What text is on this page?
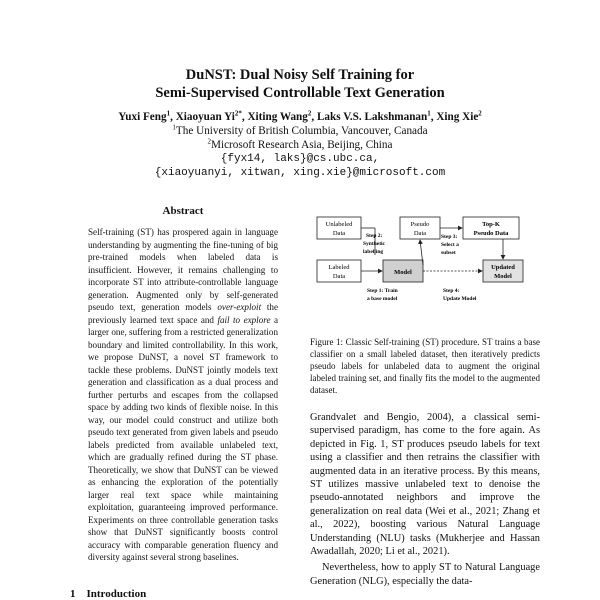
DuNST: Dual Noisy Self Training for
Semi-Supervised Controllable Text Generation
Yuxi Feng$^1$, Xiaoyuan $Yi^{2*}$, Xiting Wang$^2$, Laks V.S. Lakshmanan$^1$, Xing Xie$^2$
$^1$The University of British Columbia, Vancouver, Canada
$^2$Microsoft Research Asia, Beijing, China
{fyx14, laks}@cs.ubc.ca,
{xiaoyuanyi, xitwan, xing.xie}@microsoft.com
Abstract
Self-training (ST) has prospered again in language understanding by augmenting the fine-tuning of big pre-trained models when labeled data is insufficient. However, it remains challenging to incorporate ST into attribute-controllable language generation. Augmented only by self-generated pseudo text, generation models over-exploit the previously learned text space and fail to explore a larger one, suffering from a restricted generalization boundary and limited controllability. In this work, we propose DuNST, a novel ST framework to tackle these problems. DuNST jointly models text generation and classification as a dual process and further perturbs and escapes from the collapsed space by adding two kinds of flexible noise. In this way, our model could construct and utilize both pseudo text generated from given labels and pseudo labels predicted from available unlabeled text, which are gradually refined during the ST phase. Theoretically, we show that DuNST can be viewed as enhancing the exploration of the potentially larger real text space while maintaining exploitation, guaranteeing improved performance. Experiments on three controllable generation tasks show that DuNST significantly boosts control accuracy with comparable generation fluency and diversity against several strong baselines.
1 Introduction
Unlabeled
Data
Pseudo
Data
Top-K
Pseudo Data
Labeled
Data
Model
Updated
Model
Step 2:
Synthetic
labelling
Step 3:
Select a
subset
Step 1: Train
a base model
Step 4:
Update Model
Figure 1: Classic Self-training (ST) procedure. ST trains a base classifier on a small labeled dataset, then iteratively predicts pseudo labels for unlabeled data to augment the original labeled training set, and finally fits the model to the augmented dataset.

Grandvalet and Bengio, 2004), a classical semi-supervised paradigm, has come to the fore again. As depicted in Fig. 1, ST produces pseudo labels for text using a classifier and then retrains the classifier with augmented data in an iterative process. By this means, ST utilizes massive unlabeled text to denoise the pseudo-annotated neighbors and improve the generalization on real data (Wei et al., 2021; Zhang et al., 2022), boosting various Natural Language Understanding (NLU) tasks (Mukherjee and Hassan Awadallah, 2020; Li et al., 2021).

Nevertheless, how to apply ST to Natural Language Generation (NLG), especially the data-
